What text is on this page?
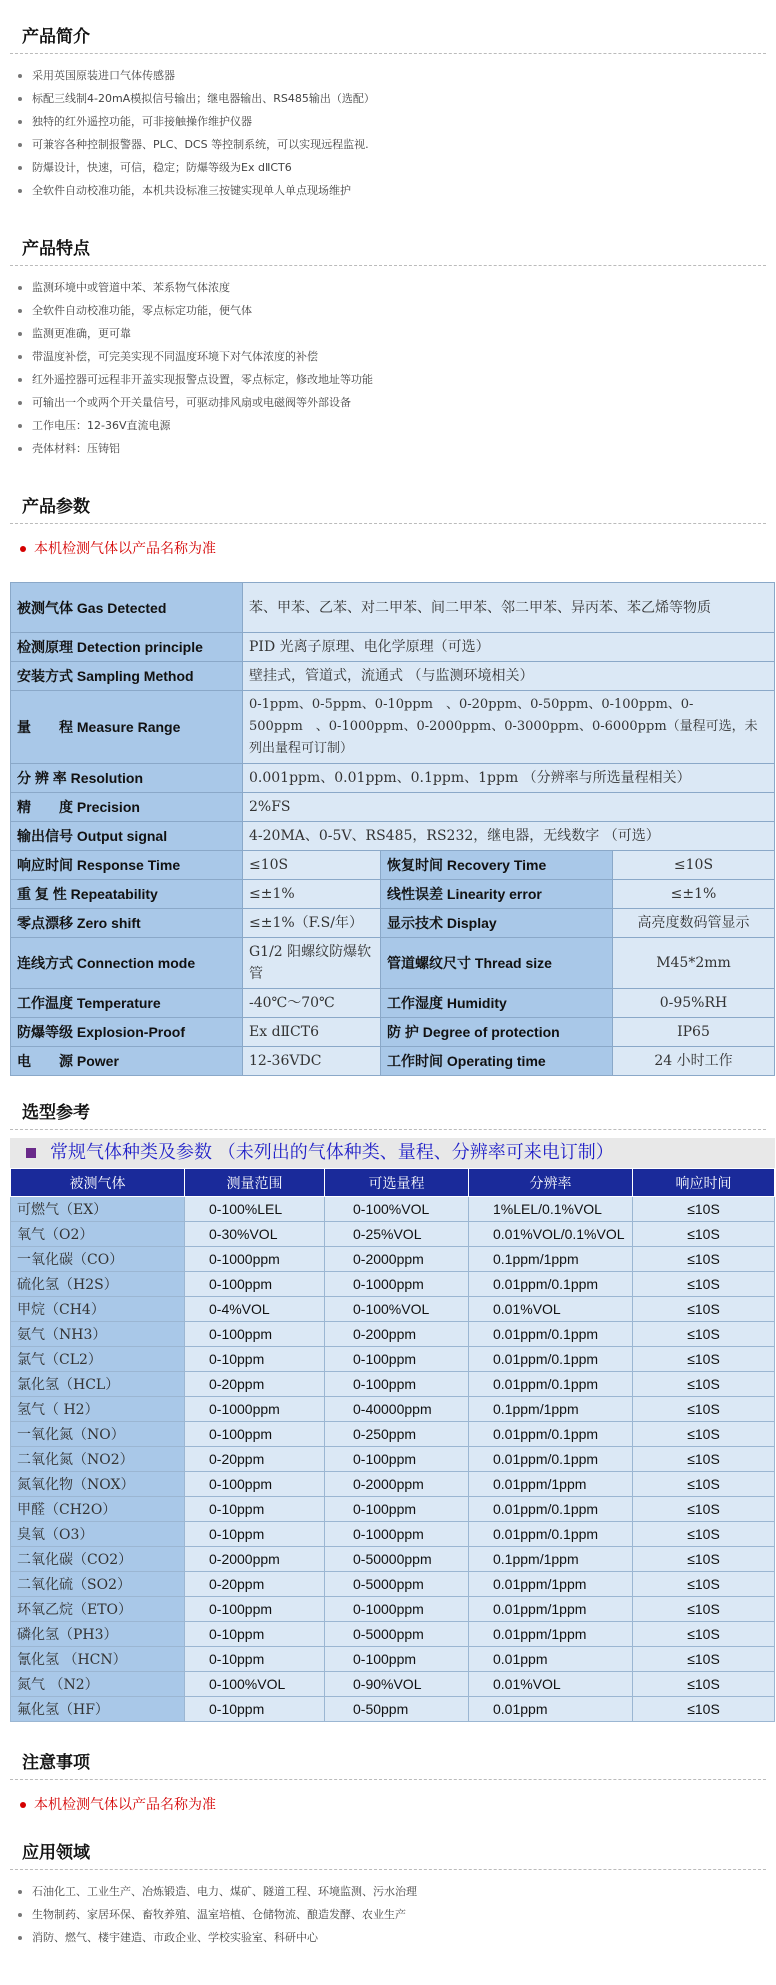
产品简介
采用英国原装进口气体传感器
标配三线制4-20mA模拟信号输出；继电器输出、RS485输出（选配）
独特的红外遥控功能，可非接触操作维护仪器
可兼容各种控制报警器、PLC、DCS 等控制系统，可以实现远程监视.
防爆设计，快速，可信，稳定；防爆等级为Ex dⅡCT6
全软件自动校准功能，本机共设标准三按键实现单人单点现场维护
产品特点
监测环境中或管道中苯、苯系物气体浓度
全软件自动校准功能，零点标定功能，便气体
监测更准确，更可靠
带温度补偿，可完美实现不同温度环境下对气体浓度的补偿
红外遥控器可远程非开盖实现报警点设置，零点标定，修改地址等功能
可输出一个或两个开关量信号，可驱动排风扇或电磁阀等外部设备
工作电压：12-36V直流电源
壳体材料：压铸铝
产品参数
本机检测气体以产品名称为准
被测气体 Gas Detected	苯、甲苯、乙苯、对二甲苯、间二甲苯、邻二甲苯、异丙苯、苯乙烯等物质		
检测原理 Detection principle	PID 光离子原理、电化学原理（可选）		
安装方式 Sampling Method	壁挂式，管道式，流通式 （与监测环境相关）		
量　　程 Measure Range	0-1ppm、0-5ppm、0-10ppm　、0-20ppm、0-50ppm、0-100ppm、0-500ppm　、0-1000ppm、0-2000ppm、0-3000ppm、0-6000ppm（量程可选，未列出量程可订制）		
分 辨 率 Resolution	0.001ppm、0.01ppm、0.1ppm、1ppm （分辨率与所选量程相关）		
精　　度 Precision	2%FS		
输出信号 Output signal	4-20MA、0-5V、RS485，RS232，继电器，无线数字 （可选）		
响应时间 Response Time	≤10S	恢复时间 Recovery Time	≤10S
重 复 性 Repeatability	≤±1%	线性误差 Linearity error	≤±1%
零点漂移 Zero shift	≤±1%（F.S/年）	显示技术 Display	高亮度数码管显示
连线方式 Connection mode	G1/2 阳螺纹防爆软管	管道螺纹尺寸 Thread size	M45*2mm
工作温度 Temperature	-40℃～70℃	工作湿度 Humidity	0-95%RH
防爆等级 Explosion-Proof	Ex dⅡCT6	防 护 Degree of protection	IP65
电　　源 Power	12-36VDC	工作时间 Operating time	24 小时工作
选型参考
常规气体种类及参数 （未列出的气体种类、量程、分辨率可来电订制）
被测气体	测量范围	可选量程	分辨率	响应时间
可燃气（EX）	0-100%LEL	0-100%VOL	1%LEL/0.1%VOL	≤10S
氧气（O2）	0-30%VOL	0-25%VOL	0.01%VOL/0.1%VOL	≤10S
一氧化碳（CO）	0-1000ppm	0-2000ppm	0.1ppm/1ppm	≤10S
硫化氢（H2S）	0-100ppm	0-1000ppm	0.01ppm/0.1ppm	≤10S
甲烷（CH4）	0-4%VOL	0-100%VOL	0.01%VOL	≤10S
氨气（NH3）	0-100ppm	0-200ppm	0.01ppm/0.1ppm	≤10S
氯气（CL2）	0-10ppm	0-100ppm	0.01ppm/0.1ppm	≤10S
氯化氢（HCL）	0-20ppm	0-100ppm	0.01ppm/0.1ppm	≤10S
氢气（ H2）	0-1000ppm	0-40000ppm	0.1ppm/1ppm	≤10S
一氧化氮（NO）	0-100ppm	0-250ppm	0.01ppm/0.1ppm	≤10S
二氧化氮（NO2）	0-20ppm	0-100ppm	0.01ppm/0.1ppm	≤10S
氮氧化物（NOX）	0-100ppm	0-2000ppm	0.01ppm/1ppm	≤10S
甲醛（CH2O）	0-10ppm	0-100ppm	0.01ppm/0.1ppm	≤10S
臭氧（O3）	0-10ppm	0-1000ppm	0.01ppm/0.1ppm	≤10S
二氧化碳（CO2）	0-2000ppm	0-50000ppm	0.1ppm/1ppm	≤10S
二氧化硫（SO2）	0-20ppm	0-5000ppm	0.01ppm/1ppm	≤10S
环氧乙烷（ETO）	0-100ppm	0-1000ppm	0.01ppm/1ppm	≤10S
磷化氢（PH3）	0-10ppm	0-5000ppm	0.01ppm/1ppm	≤10S
氰化氢 （HCN）	0-10ppm	0-100ppm	0.01ppm	≤10S
氮气 （N2）	0-100%VOL	0-90%VOL	0.01%VOL	≤10S
氟化氢（HF）	0-10ppm	0-50ppm	0.01ppm	≤10S
注意事项
本机检测气体以产品名称为准
应用领域
石油化工、工业生产、冶炼锻造、电力、煤矿、隧道工程、环境监测、污水治理
生物制药、家居环保、畜牧养殖、温室培植、仓储物流、酿造发酵、农业生产
消防、燃气、楼宇建造、市政企业、学校实验室、科研中心
